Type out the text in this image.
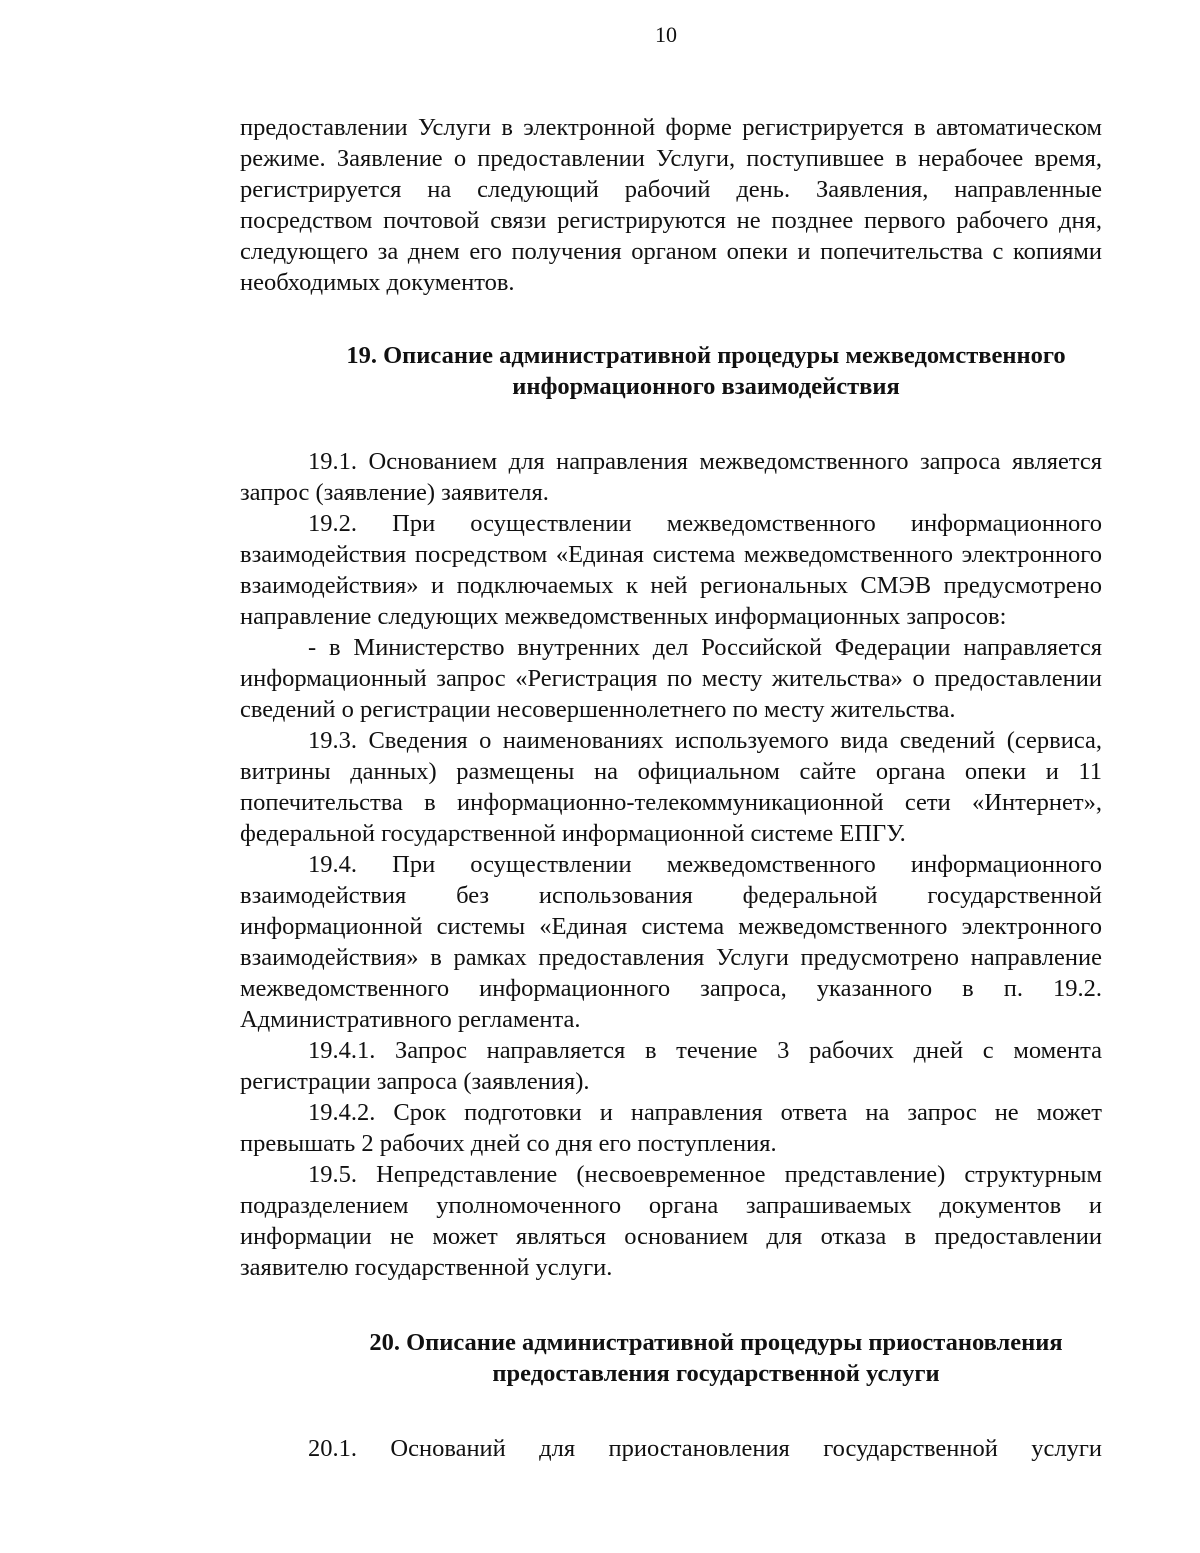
10

предоставлении Услуги в электронной форме регистрируется в автоматическом режиме. Заявление о предоставлении Услуги, поступившее в нерабочее время, регистрируется на следующий рабочий день. Заявления, направленные посредством почтовой связи регистрируются не позднее первого рабочего дня, следующего за днем его получения органом опеки и попечительства с копиями необходимых документов.

19. Описание административной процедуры межведомственного
информационного взаимодействия

19.1. Основанием для направления межведомственного запроса является запрос (заявление) заявителя.

19.2. При осуществлении межведомственного информационного взаимодействия посредством «Единая система межведомственного электронного взаимодействия» и подключаемых к ней региональных СМЭВ предусмотрено направление следующих межведомственных информационных запросов:

- в Министерство внутренних дел Российской Федерации направляется информационный запрос «Регистрация по месту жительства» о предоставлении сведений о регистрации несовершеннолетнего по месту жительства.

19.3. Сведения о наименованиях используемого вида сведений (сервиса, витрины данных) размещены на официальном сайте органа опеки и 11 попечительства в информационно-телекоммуникационной сети «Интернет», федеральной государственной информационной системе ЕПГУ.

19.4. При осуществлении межведомственного информационного взаимодействия без использования федеральной государственной информационной системы «Единая система межведомственного электронного взаимодействия» в рамках предоставления Услуги предусмотрено направление межведомственного информационного запроса, указанного в п. 19.2. Административного регламента.

19.4.1. Запрос направляется в течение 3 рабочих дней с момента регистрации запроса (заявления).

19.4.2. Срок подготовки и направления ответа на запрос не может превышать 2 рабочих дней со дня его поступления.

19.5. Непредставление (несвоевременное представление) структурным подразделением уполномоченного органа запрашиваемых документов и информации не может являться основанием для отказа в предоставлении заявителю государственной услуги.

20. Описание административной процедуры приостановления
предоставления государственной услуги

20.1. Оснований для приостановления государственной услуги
